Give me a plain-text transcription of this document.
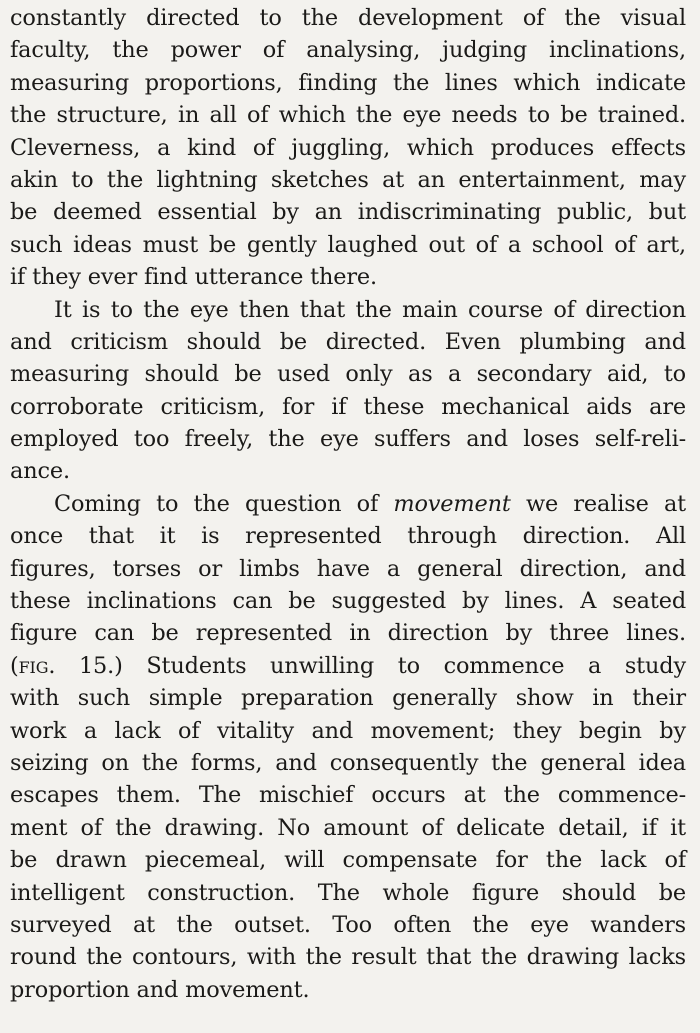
constantly directed to the development of the visual
faculty, the power of analysing, judging inclinations,
measuring proportions, finding the lines which indicate
the structure, in all of which the eye needs to be trained.
Cleverness, a kind of juggling, which produces effects
akin to the lightning sketches at an entertainment, may
be deemed essential by an indiscriminating public, but
such ideas must be gently laughed out of a school of art,
if they ever find utterance there.
It is to the eye then that the main course of direction
and criticism should be directed. Even plumbing and
measuring should be used only as a secondary aid, to
corroborate criticism, for if these mechanical aids are
employed too freely, the eye suffers and loses self-reli-
ance.
Coming to the question of movement we realise at
once that it is represented through direction. All
figures, torses or limbs have a general direction, and
these inclinations can be suggested by lines. A seated
figure can be represented in direction by three lines.
(fig. 15.) Students unwilling to commence a study
with such simple preparation generally show in their
work a lack of vitality and movement; they begin by
seizing on the forms, and consequently the general idea
escapes them. The mischief occurs at the commence-
ment of the drawing. No amount of delicate detail, if it
be drawn piecemeal, will compensate for the lack of
intelligent construction. The whole figure should be
surveyed at the outset. Too often the eye wanders
round the contours, with the result that the drawing lacks
proportion and movement.
